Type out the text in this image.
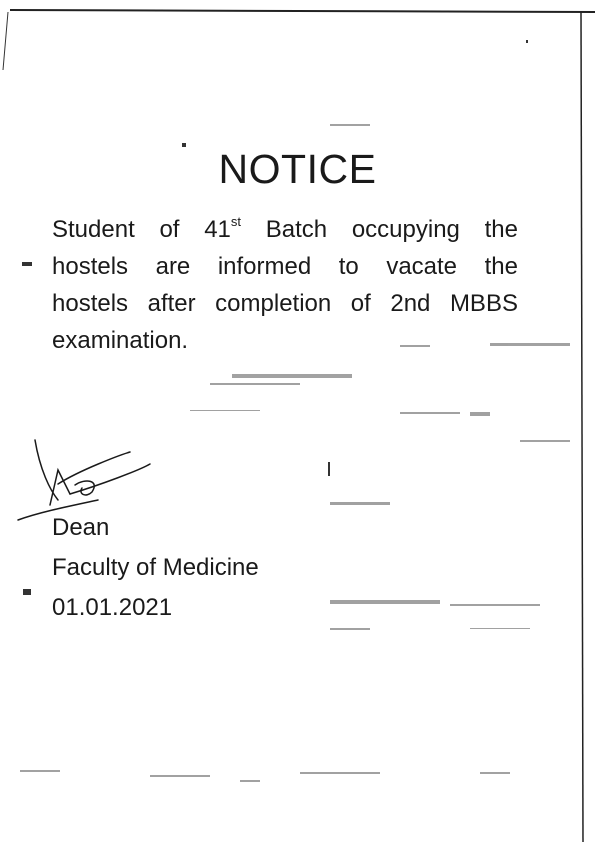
NOTICE
Student of 41st Batch occupying the
hostels are informed to vacate the
hostels after completion of 2nd MBBS
examination.
Dean
Faculty of Medicine
01.01.2021
